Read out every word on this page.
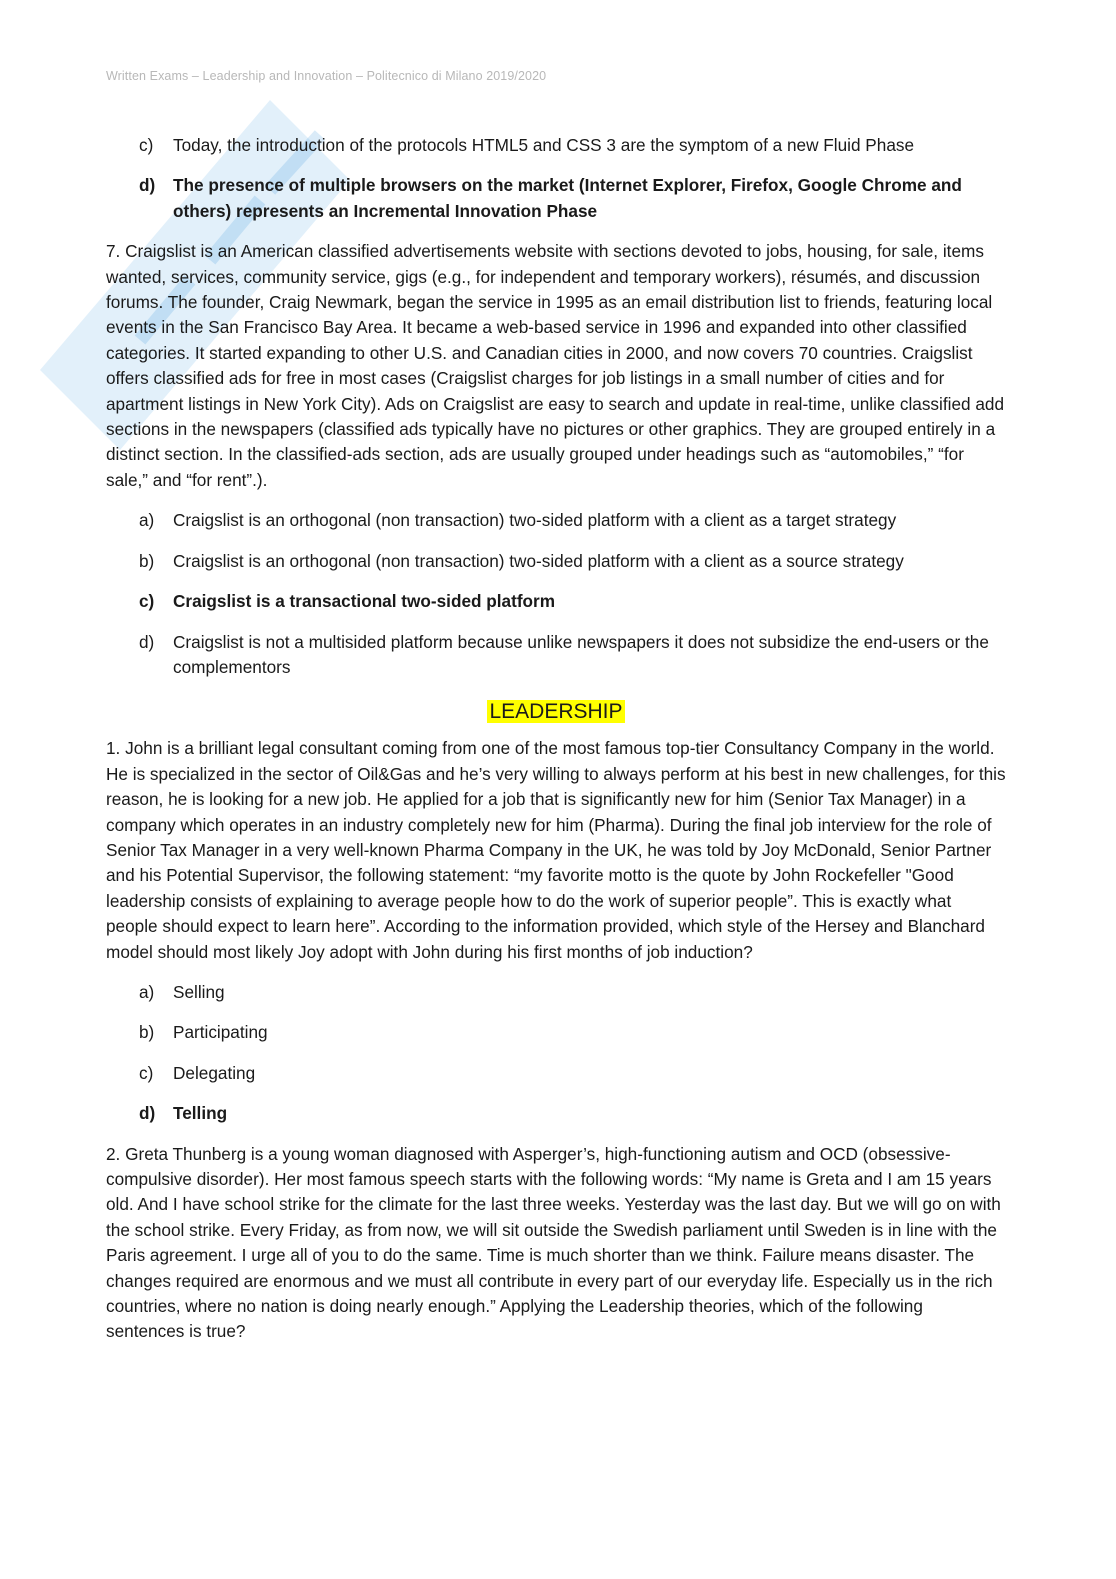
Written Exams – Leadership and Innovation – Politecnico di Milano 2019/2020
c)	Today, the introduction of the protocols HTML5 and CSS 3 are the symptom of a new Fluid Phase
d)	The presence of multiple browsers on the market (Internet Explorer, Firefox, Google Chrome and others) represents an Incremental Innovation Phase

7. Craigslist is an American classified advertisements website with sections devoted to jobs, housing, for sale, items wanted, services, community service, gigs (e.g., for independent and temporary workers), résumés, and discussion forums. The founder, Craig Newmark, began the service in 1995 as an email distribution list to friends, featuring local events in the San Francisco Bay Area. It became a web-based service in 1996 and expanded into other classified categories. It started expanding to other U.S. and Canadian cities in 2000, and now covers 70 countries. Craigslist offers classified ads for free in most cases (Craigslist charges for job listings in a small number of cities and for apartment listings in New York City). Ads on Craigslist are easy to search and update in real-time, unlike classified add sections in the newspapers (classified ads typically have no pictures or other graphics. They are grouped entirely in a distinct section. In the classified-ads section, ads are usually grouped under headings such as “automobiles,” “for sale,” and “for rent”.).

a)	Craigslist is an orthogonal (non transaction) two-sided platform with a client as a target strategy
b)	Craigslist is an orthogonal (non transaction) two-sided platform with a client as a source strategy
c)	Craigslist is a transactional two-sided platform
d)	Craigslist is not a multisided platform because unlike newspapers it does not subsidize the end-users or the complementors
LEADERSHIP

1. John is a brilliant legal consultant coming from one of the most famous top-tier Consultancy Company in the world. He is specialized in the sector of Oil&Gas and he’s very willing to always perform at his best in new challenges, for this reason, he is looking for a new job. He applied for a job that is significantly new for him (Senior Tax Manager) in a company which operates in an industry completely new for him (Pharma). During the final job interview for the role of Senior Tax Manager in a very well-known Pharma Company in the UK, he was told by Joy McDonald, Senior Partner and his Potential Supervisor, the following statement: “my favorite motto is the quote by John Rockefeller "Good leadership consists of explaining to average people how to do the work of superior people”. This is exactly what people should expect to learn here”. According to the information provided, which style of the Hersey and Blanchard model should most likely Joy adopt with John during his first months of job induction?

a)	Selling
b)	Participating
c)	Delegating
d)	Telling

2. Greta Thunberg is a young woman diagnosed with Asperger’s, high-functioning autism and OCD (obsessive-compulsive disorder). Her most famous speech starts with the following words: “My name is Greta and I am 15 years old. And I have school strike for the climate for the last three weeks. Yesterday was the last day. But we will go on with the school strike. Every Friday, as from now, we will sit outside the Swedish parliament until Sweden is in line with the Paris agreement. I urge all of you to do the same. Time is much shorter than we think. Failure means disaster. The changes required are enormous and we must all contribute in every part of our everyday life. Especially us in the rich countries, where no nation is doing nearly enough.” Applying the Leadership theories, which of the following sentences is true?
